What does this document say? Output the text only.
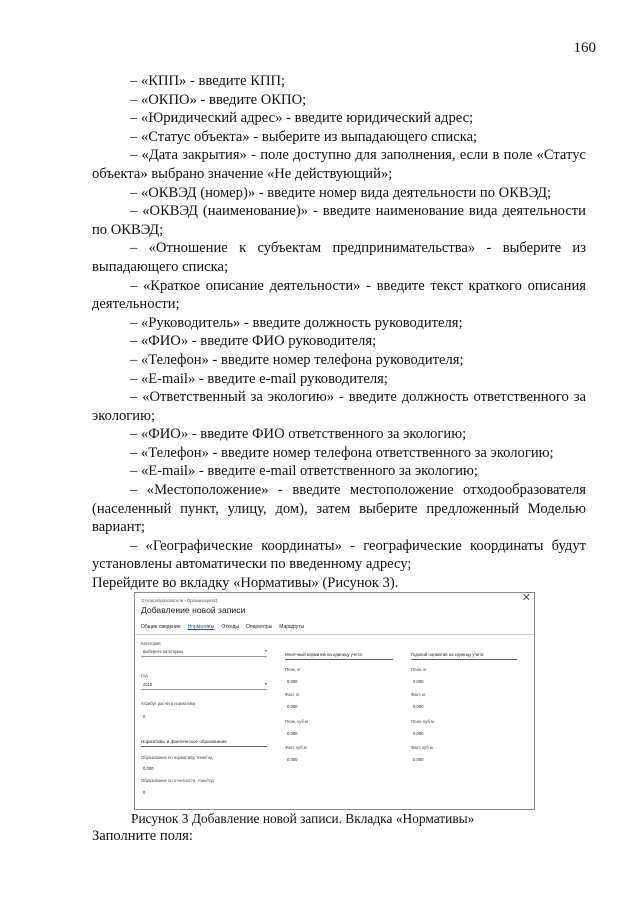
160

– «КПП» - введите КПП;

– «ОКПО» - введите ОКПО;

– «Юридический адрес» - введите юридический адрес;

– «Статус объекта» - выберите из выпадающего списка;

– «Дата закрытия» - поле доступно для заполнения, если в поле «Статус объекта» выбрано значение «Не действующий»;

– «ОКВЭД (номер)» - введите номер вида деятельности по ОКВЭД;

– «ОКВЭД (наименование)» - введите наименование вида деятельности по ОКВЭД;

– «Отношение к субъектам предпринимательства» - выберите из выпадающего списка;

– «Краткое описание деятельности» - введите текст краткого описания деятельности;

– «Руководитель» - введите должность руководителя;

– «ФИО» - введите ФИО руководителя;

– «Телефон» - введите номер телефона руководителя;

– «E-mail» - введите e-mail руководителя;

– «Ответственный за экологию» - введите должность ответственного за экологию;

– «ФИО» - введите ФИО ответственного за экологию;

– «Телефон» - введите номер телефона ответственного за экологию;

– «E-mail» - введите e-mail ответственного за экологию;

– «Местоположение» - введите местоположение отходообразователя (населенный пункт, улицу, дом), затем выберите предложенный Моделью вариант;

– «Географические координаты» - географические координаты будут установлены автоматически по введенному адресу;

Перейдите во вкладку «Нормативы» (Рисунок 3).

Отходообразователи › Организация41	✕
Добавление новой записи
Общие сведения Нормативы Отходы Операторы Маршруты
Категория
выберите категорию	▾
Год
2018	▾
Атрибут расчета норматива
0
Нормативы и фактическое образование
Образование по нормативу, тонн/год
0,000
Образование по отчетности, тонн/год
0
Месячный норматив на единицу учета
План, кг
0,000
Факт, кг
0,000
План, куб.м
0,000
Факт, куб.м
0,000
Годовой норматив на единицу учета
План, кг
0,000
Факт, кг
0,000
План, куб.м
0,000
Факт, куб.м
0,000
Рисунок 3 Добавление новой записи. Вкладка «Нормативы»
Заполните поля:
